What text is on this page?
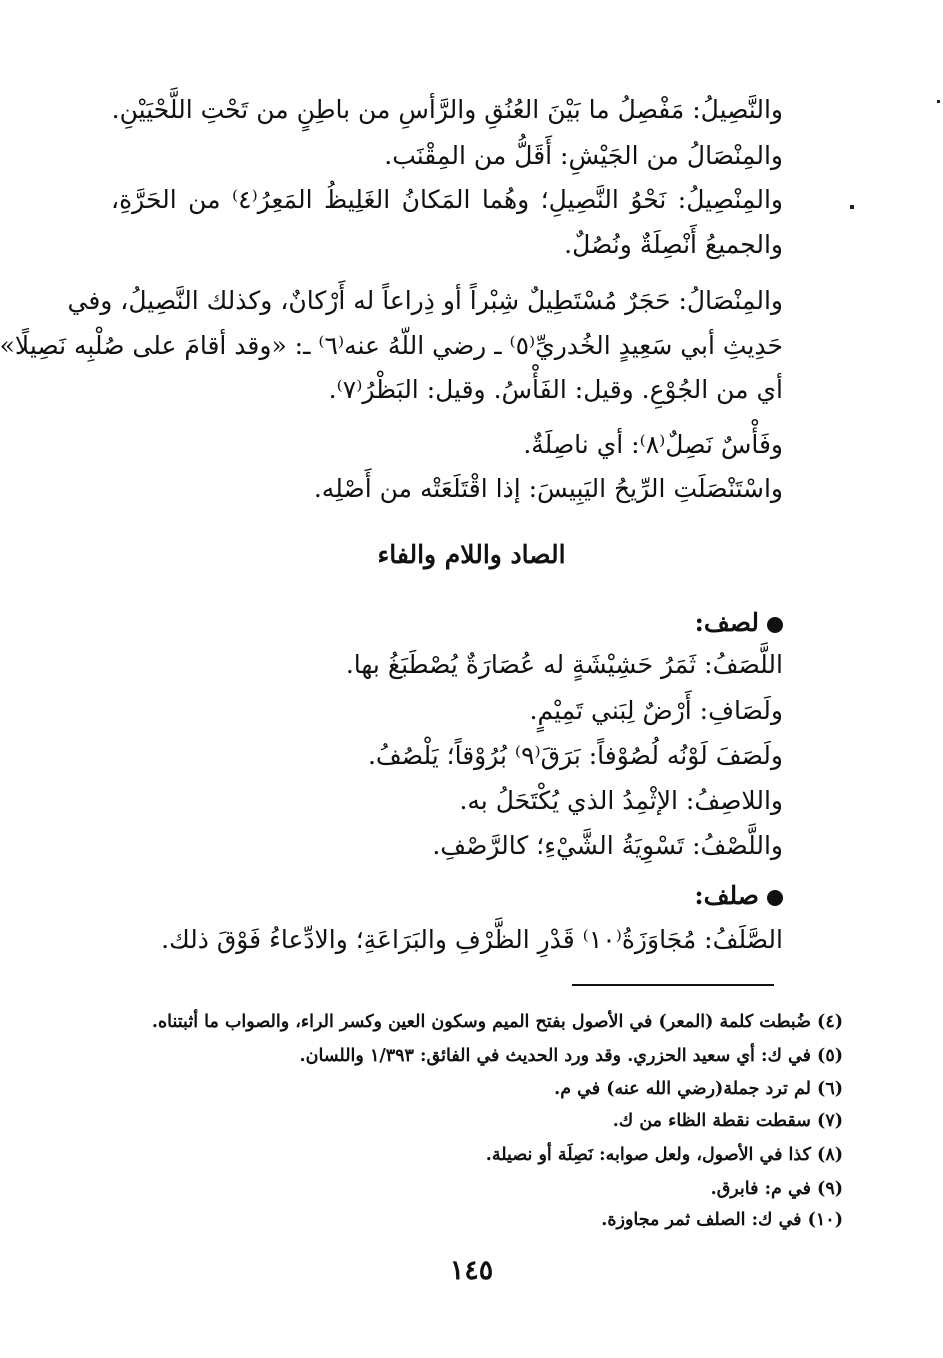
والنَّصِيلُ: مَفْصِلُ ما بَيْنَ العُنُقِ والرَّأسِ من باطِنٍ من تَحْتِ اللَّحْيَيْنِ.
والمِنْصَالُ من الجَيْشِ: أَقَلُّ من المِقْنَب.
والمِنْصِيلُ: نَحْوُ النَّصِيلِ؛ وهُما المَكانُ الغَلِيظُ المَعِرُ⁽٤⁾ من الحَرَّةِ،
والجميعُ أَنْصِلَةٌ ونُصُلٌ.
والمِنْصَالُ: حَجَرٌ مُسْتَطِيلٌ شِبْراً أو ذِراعاً له أَرْكانٌ، وكذلك النَّصِيلُ، وفي
حَدِيثِ أبي سَعِيدٍ الخُدريِّ⁽٥⁾ ـ رضي اللّهُ عنه⁽٦⁾ ـ: «وقد أقامَ على صُلْبِه نَصِيلًا»
أي من الجُوْعِ. وقيل: الفَأْسُ. وقيل: البَظْرُ⁽٧⁾.
وفَأْسٌ نَصِلٌ⁽٨⁾: أي ناصِلَةٌ.
واسْتَنْصَلَتِ الرِّيحُ اليَبِيسَ: إذا اقْتَلَعَتْه من أَصْلِه.
الصاد واللام والفاء
لصف:
اللَّصَفُ: ثَمَرُ حَشِيْشَةٍ له عُصَارَةٌ يُصْطَبَغُ بها.
ولَصَافِ: أَرْضٌ لِبَني تَمِيْمٍ.
ولَصَفَ لَوْنُه لُصُوْفاً: بَرَقَ⁽٩⁾ بُرُوْقاً؛ يَلْصُفُ.
واللاصِفُ: الإثْمِدُ الذي يُكْتَحَلُ به.
واللَّصْفُ: تَسْوِيَةُ الشَّيْءِ؛ كالرَّصْفِ.
صلف:
الصَّلَفُ: مُجَاوَزَةُ⁽١٠⁾ قَدْرِ الظَّرْفِ والبَرَاعَةِ؛ والادِّعاءُ فَوْقَ ذلك.
(٤) ضُبطت كلمة (المعر) في الأصول بفتح الميم وسكون العين وكسر الراء، والصواب ما أثبتناه.
(٥) في ك: أي سعيد الحزري. وقد ورد الحديث في الفائق: ١/٣٩٣ واللسان.
(٦) لم ترد جملة(رضي الله عنه) في م.
(٧) سقطت نقطة الظاء من ك.
(٨) كذا في الأصول، ولعل صوابه: نَصِلَة أو نصيلة.
(٩) في م: فابرق.
(١٠) في ك: الصلف ثمر مجاوزة.
١٤٥
